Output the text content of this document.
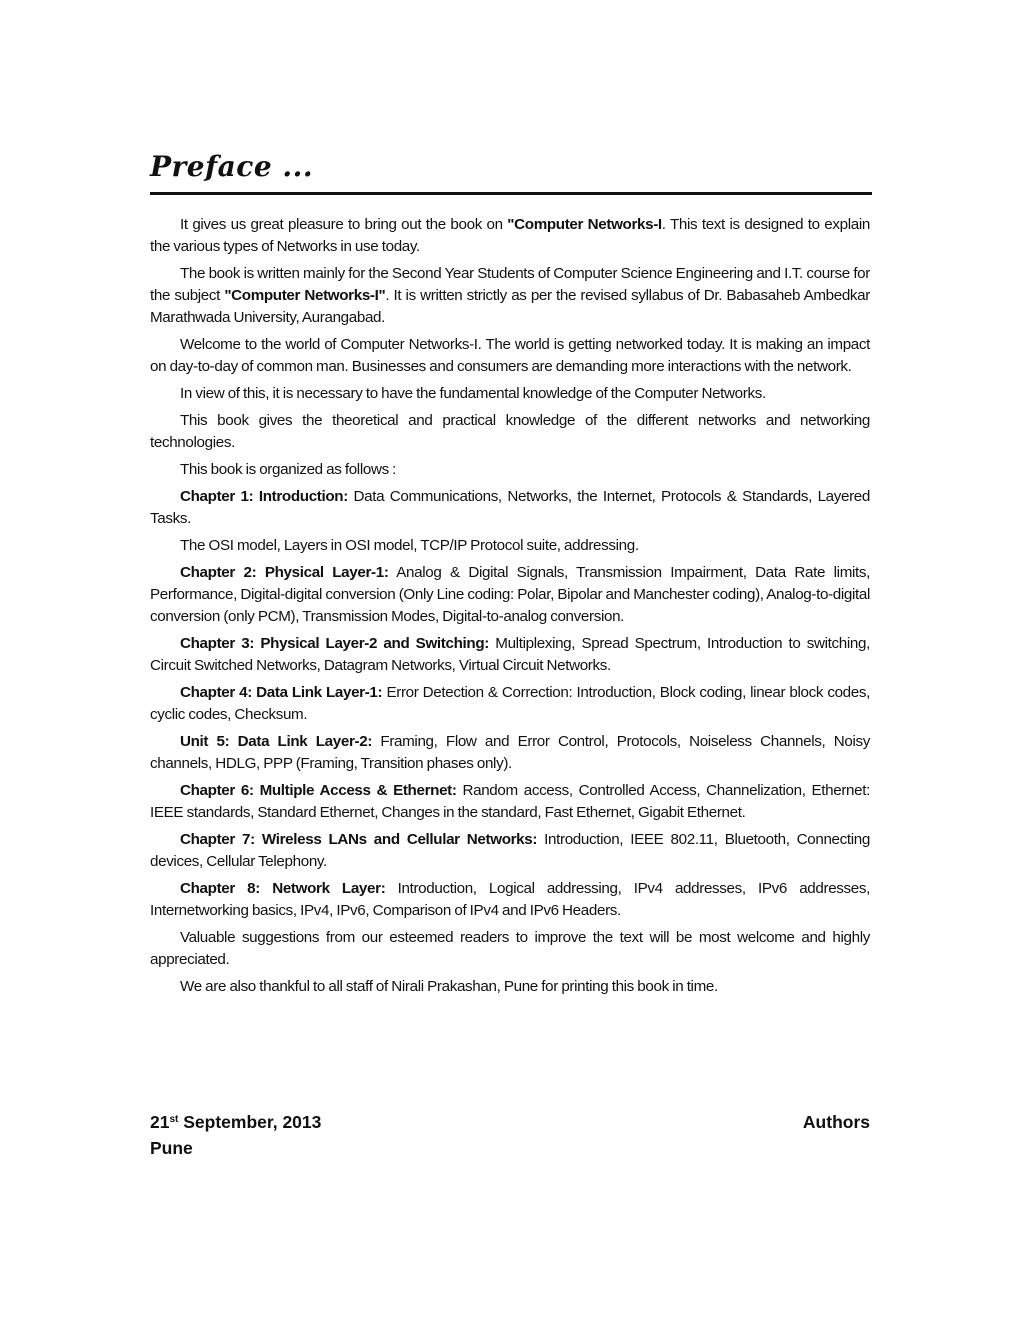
Preface ...

It gives us great pleasure to bring out the book on "Computer Networks-I. This text is designed to explain the various types of Networks in use today.

The book is written mainly for the Second Year Students of Computer Science Engineering and I.T. course for the subject "Computer Networks-I". It is written strictly as per the revised syllabus of Dr. Babasaheb Ambedkar Marathwada University, Aurangabad.

Welcome to the world of Computer Networks-I. The world is getting networked today. It is making an impact on day-to-day of common man. Businesses and consumers are demanding more interactions with the network.

In view of this, it is necessary to have the fundamental knowledge of the Computer Networks.

This book gives the theoretical and practical knowledge of the different networks and networking technologies.

This book is organized as follows :

Chapter 1: Introduction: Data Communications, Networks, the Internet, Protocols & Standards, Layered Tasks.

The OSI model, Layers in OSI model, TCP/IP Protocol suite, addressing.

Chapter 2: Physical Layer-1: Analog & Digital Signals, Transmission Impairment, Data Rate limits, Performance, Digital-digital conversion (Only Line coding: Polar, Bipolar and Manchester coding), Analog-to-digital conversion (only PCM), Transmission Modes, Digital-to-analog conversion.

Chapter 3: Physical Layer-2 and Switching: Multiplexing, Spread Spectrum, Introduction to switching, Circuit Switched Networks, Datagram Networks, Virtual Circuit Networks.

Chapter 4: Data Link Layer-1: Error Detection & Correction: Introduction, Block coding, linear block codes, cyclic codes, Checksum.

Unit 5: Data Link Layer-2: Framing, Flow and Error Control, Protocols, Noiseless Channels, Noisy channels, HDLG, PPP (Framing, Transition phases only).

Chapter 6: Multiple Access & Ethernet: Random access, Controlled Access, Channelization, Ethernet: IEEE standards, Standard Ethernet, Changes in the standard, Fast Ethernet, Gigabit Ethernet.

Chapter 7: Wireless LANs and Cellular Networks: Introduction, IEEE 802.11, Bluetooth, Connecting devices, Cellular Telephony.

Chapter 8: Network Layer: Introduction, Logical addressing, IPv4 addresses, IPv6 addresses, Internetworking basics, IPv4, IPv6, Comparison of IPv4 and IPv6 Headers.

Valuable suggestions from our esteemed readers to improve the text will be most welcome and highly appreciated.

We are also thankful to all staff of Nirali Prakashan, Pune for printing this book in time.

21st September, 2013	Authors
Pune
